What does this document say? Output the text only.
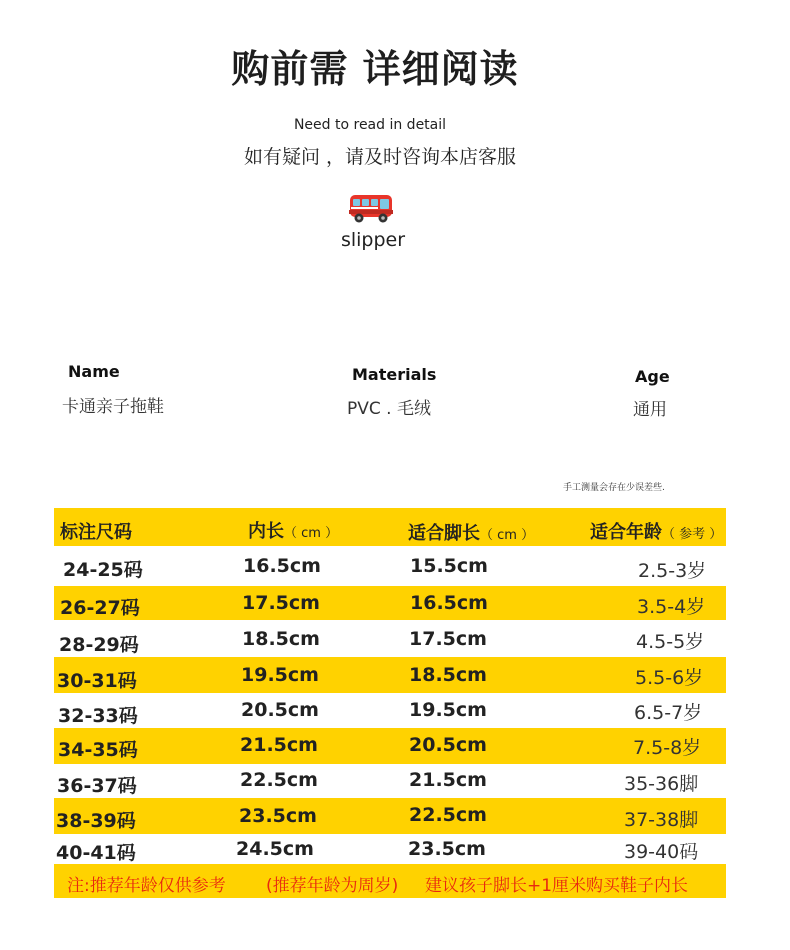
购前需 详细阅读
Need to read in detail
如有疑问 ，请及时咨询本店客服
slipper
Name
卡通亲子拖鞋
Materials
PVC . 毛绒
Age
通用
手工测量会存在少误差些.
标注尺码	内长（ cm ）	适合脚长（ cm ）	适合年龄（ 参考 ）
24-25码	16.5cm	15.5cm	2.5-3岁
26-27码	17.5cm	16.5cm	3.5-4岁
28-29码	18.5cm	17.5cm	4.5-5岁
30-31码	19.5cm	18.5cm	5.5-6岁
32-33码	20.5cm	19.5cm	6.5-7岁
34-35码	21.5cm	20.5cm	7.5-8岁
36-37码	22.5cm	21.5cm	35-36脚
38-39码	23.5cm	22.5cm	37-38脚
40-41码	24.5cm	23.5cm	39-40码
注:推荐年龄仅供参考 (推荐年龄为周岁) 建议孩子脚长+1厘米购买鞋子内长
